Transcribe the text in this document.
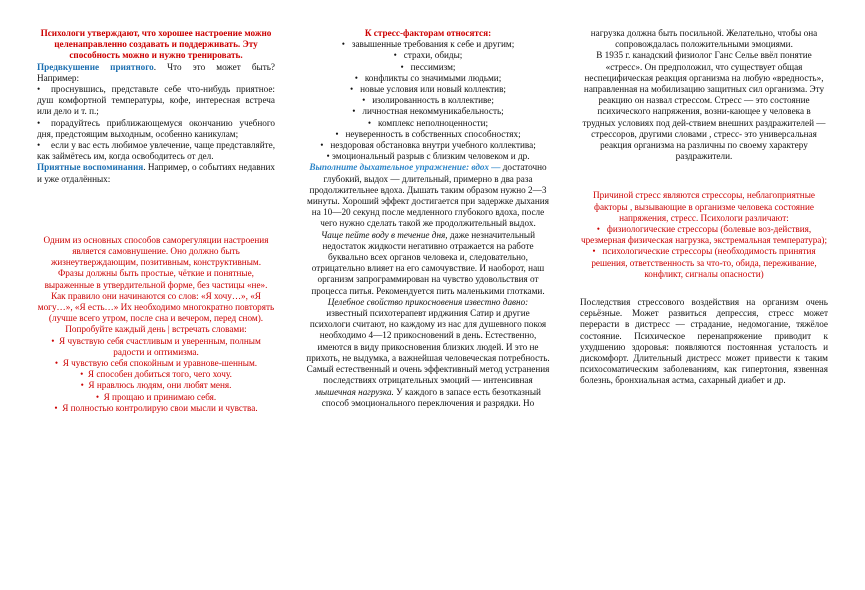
Психологи утверждают, что хорошее настроение можно целенаправленно создавать и поддерживать. Эту способность можно и нужно тренировать.

Предвкушение приятного. Что это может быть? Например:

• проснувшись, представьте себе что-нибудь приятное: душ комфортной температуры, кофе, интересная встреча или дело и т. п.;

• порадуйтесь приближающемуся окончанию учебного дня, предстоящим выходным, особенно каникулам;

• если у вас есть любимое увлечение, чаще представляйте, как займётесь им, когда освободитесь от дел.

Приятные воспоминания. Например, о событиях недавних и уже отдалённых:

Одним из основных способов саморегуляции настроения является самовнушение. Оно должно быть жизнеутверждающим, позитивным, конструктивным. Фразы должны быть простые, чёткие и понятные, выраженные в утвердительной форме, без частицы «не». Как правило они начинаются со слов: «Я хочу…», «Я могу…», «Я есть…» Их необходимо многократно повторять (лучше всего утром, после сна и вечером, перед сном).

Попробуйте каждый день | встречать словами:

• Я чувствую себя счастливым и уверенным, полным радости и оптимизма.

• Я чувствую себя спокойным и уравнове-шенным.

• Я способен добиться того, чего хочу.

• Я нравлюсь людям, они любят меня.

• Я прощаю и принимаю себя.

• Я полностью контролирую свои мысли и чувства.

К стресс-факторам относятся:

• завышенные требования к себе и другим;

• страхи, обиды;

• пессимизм;

• конфликты со значимыми людьми;

• новые условия или новый коллектив;

• изолированность в коллективе;

• личностная некоммуникабельность;

• комплекс неполноценности;

• неуверенность в собственных способностях;

• нездоровая обстановка внутри учебного коллектива;

• эмоциональный разрыв с близким человеком и др.

Выполните дыхательное упражнение: вдох — достаточно глубокий, выдох — длительный, примерно в два раза продолжительнее вдоха. Дышать таким образом нужно 2—3 минуты. Хороший эффект достигается при задержке дыхания на 10—20 секунд после медленного глубокого вдоха, после чего нужно сделать такой же продолжительный выдох.

Чаще пейте воду в течение дня, даже незначительный недостаток жидкости негативно отражается на работе буквально всех органов человека и, следовательно, отрицательно влияет на его самочувствие. И наоборот, наш организм запрограммирован на чувство удовольствия от процесса питья. Рекомендуется пить маленькими глотками.

Целебное свойство прикосновения известно давно: известный психотерапевт ирджиния Сатир и другие психологи считают, но каждому из нас для душевного покоя необходимо 4—12 прикосновений в день. Естественно, имеются в виду прикосновения близких людей. И это не прихоть, не выдумка, а важнейшая человеческая потребность.

Самый естественный и очень эффективный метод устранения последствиях отрицательных эмоций — интенсивная мышечная нагрузка. У каждого в запасе есть безотказный способ эмоционального переключения и разрядки. Но

нагрузка должна быть посильной. Желательно, чтобы она сопровождалась положительными эмоциями.

В 1935 г. канадский физиолог Ганс Селье ввёл понятие «стресс». Он предположил, что существует общая неспецифическая реакция организма на любую «вредность», направленная на мобилизацию защитных сил организма. Эту реакцию он назвал стрессом. Стресс — это состояние психического напряжения, возни-кающее у человека в трудных условиях под дей-ствием внешних раздражителей — стрессоров, другими словами , стресс- это универсальная реакция организма на различны по своему характеру раздражители.

Причиной стресс являются стрессоры, неблагоприятные факторы , вызывающие в организме человека состояние напряжения, стресс. Психологи различают:

• физиологические стрессоры (болевые воз-действия, чрезмерная физическая нагрузка, экстремальная температура);

• психологические стрессоры (необходимость принятия решения, ответственность за что-то, обида, переживание, конфликт, сигналы опасности)

Последствия стрессового воздействия на организм очень серьёзные. Может развиться депрессия, стресс может перерасти в дистресс — страдание, недомогание, тяжёлое состояние. Психическое перенапряжение приводит к ухудшению здоровья: появляются постоянная усталость и дискомфорт. Длительный дистресс может привести к таким психосоматическим заболеваниям, как гипертония, язвенная болезнь, бронхиальная астма, сахарный диабет и др.
